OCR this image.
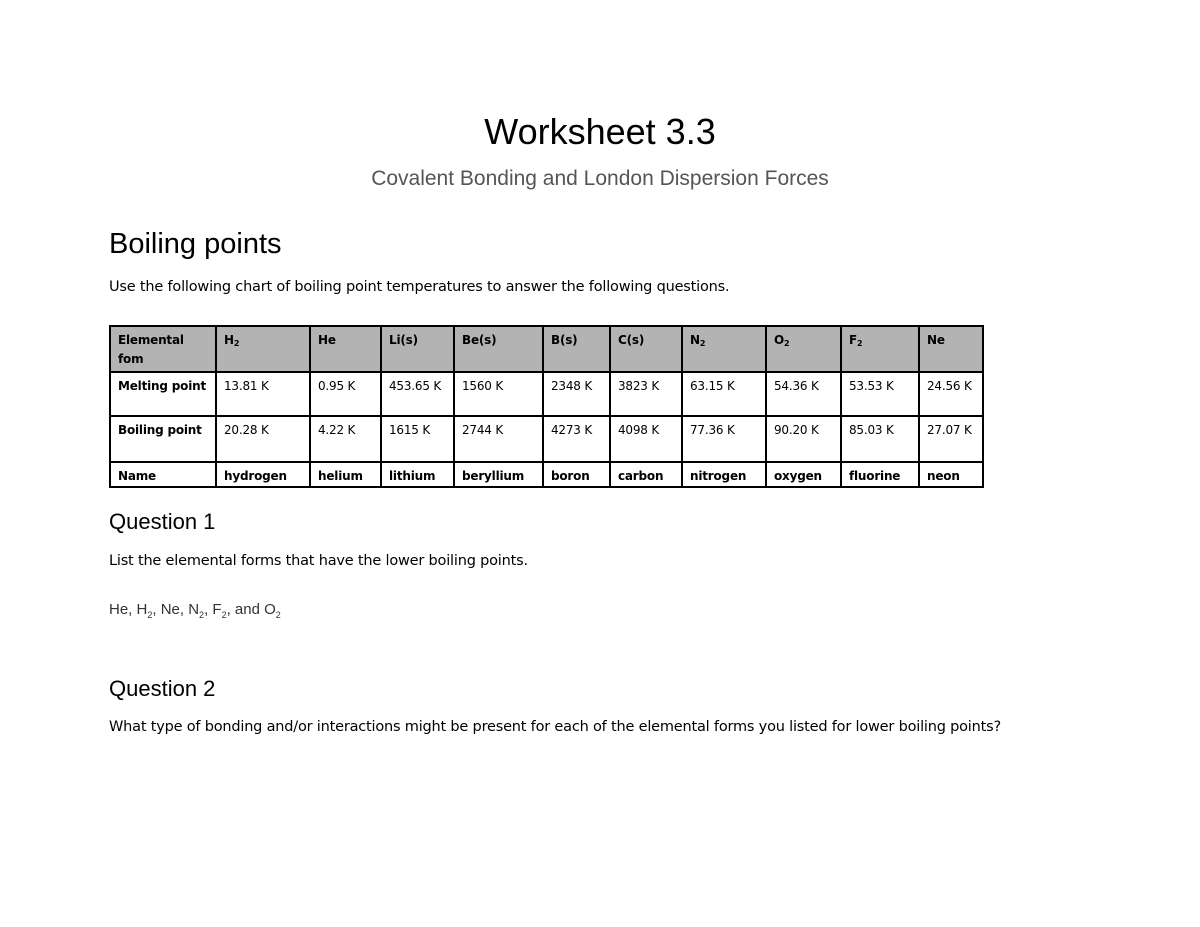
Worksheet 3.3
Covalent Bonding and London Dispersion Forces
Boiling points
Use the following chart of boiling point temperatures to answer the following questions.
Elemental fom	$H_2$	He	Li(s)	Be(s)	B(s)	C(s)	$N_2$	$O_2$	$F_2$	Ne
Melting point	13.81 K	0.95 K	453.65 K	1560 K	2348 K	3823 K	63.15 K	54.36 K	53.53 K	24.56 K
Boiling point	20.28 K	4.22 K	1615 K	2744 K	4273 K	4098 K	77.36 K	90.20 K	85.03 K	27.07 K
Name	hydrogen	helium	lithium	beryllium	boron	carbon	nitrogen	oxygen	fluorine	neon
Question 1
List the elemental forms that have the lower boiling points.
He, $H_2$, Ne, $N_2$, $F_2$, and $O_2$
Question 2
What type of bonding and/or interactions might be present for each of the elemental forms you listed for lower boiling points?
